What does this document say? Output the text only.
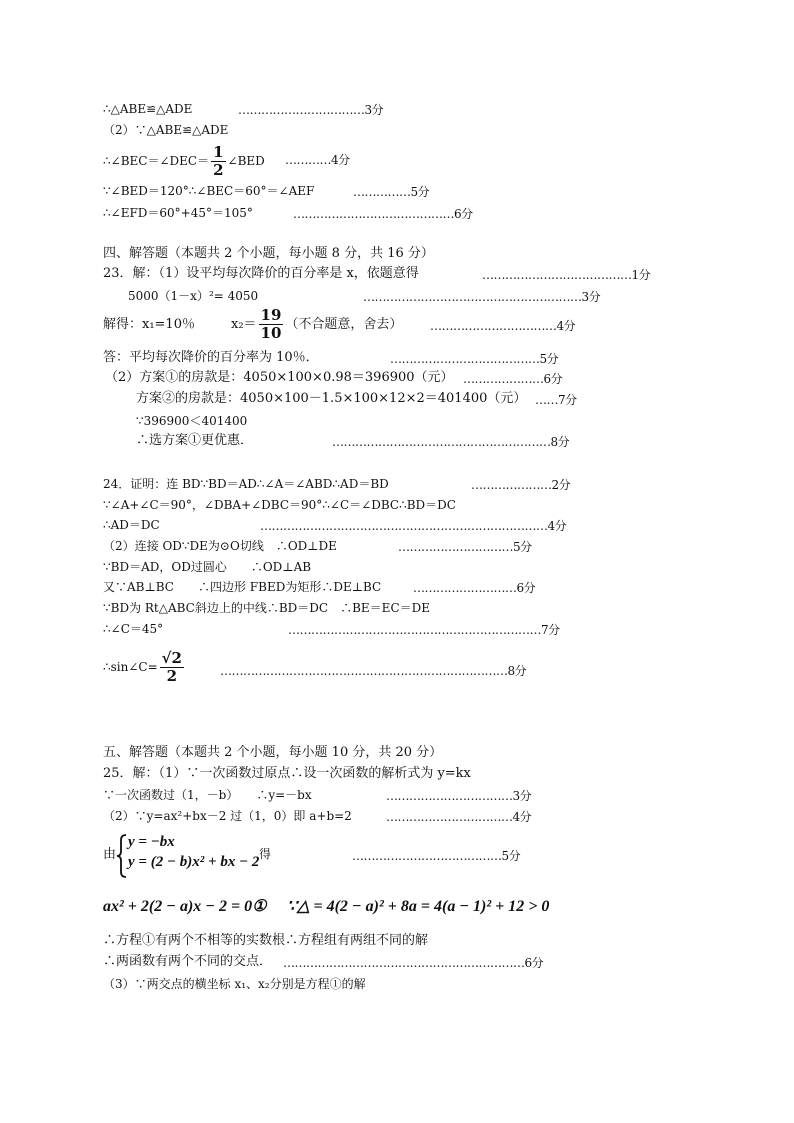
∴△ABE≌△ADE	……………………………3分
（2）∵△ABE≌△ADE
∴∠BEC＝∠DEC＝ $\frac{1}{2}$ ∠BED …………4分
∵∠BED＝120°∴∠BEC＝60°＝∠AEF	……………5分
∴∠EFD＝60°+45°＝105°	……………………………………6分
四、解答题（本题共 2 个小题，每小题 8 分，共 16 分）
23．解：（1）设平均每次降价的百分率是 x，依题意得	…………………………………1分
5000（1－x）²= 4050	…………………………………………………3分
解得：x₁=10％	$x_2= \frac{19}{10}$ （不合题意，舍去） ……………………………4分
答：平均每次降价的百分率为 10％．	…………………………………5分
（2）方案①的房款是：4050×100×0.98＝396900（元） …………………6分
方案②的房款是：4050×100－1.5×100×12×2＝401400（元） ……7分
∵396900＜401400
∴选方案①更优惠．	…………………………………………………8分
24．证明：连 BD∵BD＝AD∴∠A＝∠ABD∴AD＝BD	…………………2分
∵∠A+∠C＝90°，∠DBA+∠DBC＝90°∴∠C＝∠DBC∴BD＝DC
∴AD＝DC	…………………………………………………………………4分
（2）连接 OD∵DE为⊙O切线　∴OD⊥DE	…………………………5分
∵BD＝AD，OD过圆心　　∴OD⊥AB
又∵AB⊥BC　　∴四边形 FBED为矩形∴DE⊥BC	………………………6分
∵BD为 Rt△ABC斜边上的中线∴BD＝DC　∴BE＝EC＝DE
∴∠C＝45°	…………………………………………………………7分
∴sin∠C= $\frac{√2}{2}$	…………………………………………………………………8分
五、解答题（本题共 2 个小题，每小题 10 分，共 20 分）
25．解：（1）∵一次函数过原点∴设一次函数的解析式为 y=kx
∵一次函数过（1，－b）　　∴y=－bx	……………………………3分
（2）∵y=ax²+bx－2 过（1，0）即 a+b=2	……………………………4分
由
y = −bx
y = (2 − b)x² + bx − 2 得	…………………………………5分
ax² + 2(2 − a)x − 2 = 0① ∵△ = 4(2 − a)² + 8a = 4(a − 1)² + 12 > 0
∴方程①有两个不相等的实数根∴方程组有两组不同的解
∴两函数有两个不同的交点． ………………………………………………………6分
（3）∵两交点的横坐标 x₁、x₂分别是方程①的解
